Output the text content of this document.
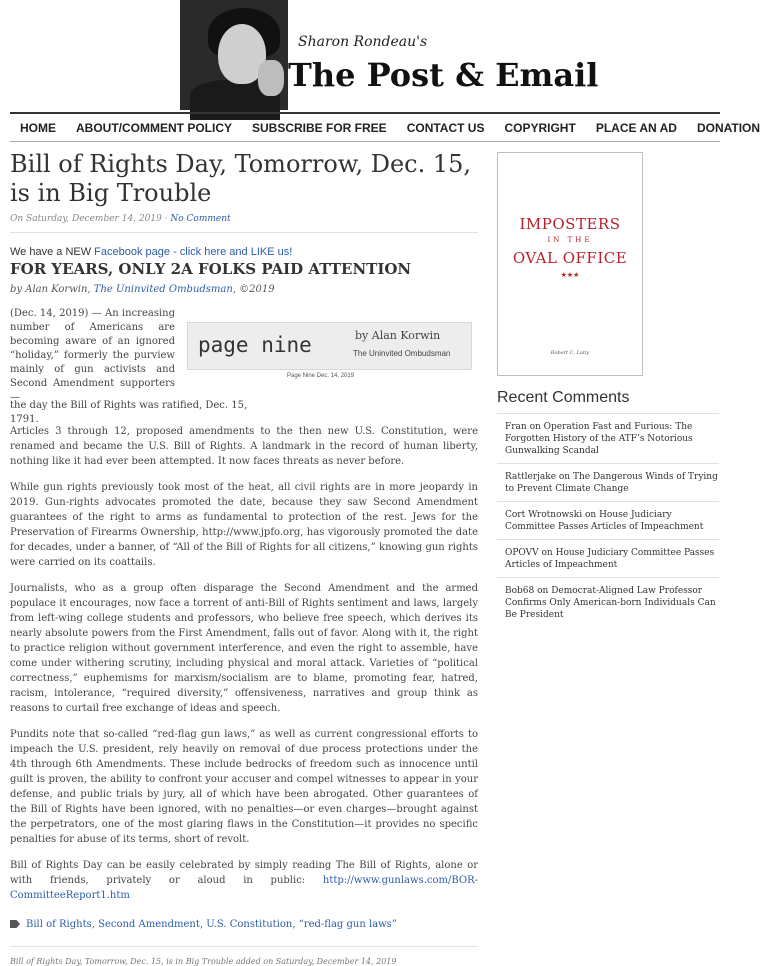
Sharon Rondeau's
The Post & Email
HOME	ABOUT/COMMENT POLICY	SUBSCRIBE FOR FREE	CONTACT US	COPYRIGHT	PLACE AN AD	DONATION
Bill of Rights Day, Tomorrow, Dec. 15, is in Big Trouble
On Saturday, December 14, 2019 · No Comment
We have a NEW Facebook page - click here and LIKE us!
FOR YEARS, ONLY 2A FOLKS PAID ATTENTION
by Alan Korwin, The Uninvited Ombudsman, ©2019
(Dec. 14, 2019) — An increasing number of Americans are becoming aware of an ignored “holiday,” formerly the purview mainly of gun activists and Second Amendment supporters—
the day the Bill of Rights was ratified, Dec. 15, 1791.
page nine	by Alan Korwin
The Uninvited Ombudsman
Page Nine Dec. 14, 2019

Articles 3 through 12, proposed amendments to the then new U.S. Constitution, were renamed and became the U.S. Bill of Rights. A landmark in the record of human liberty, nothing like it had ever been attempted. It now faces threats as never before.

While gun rights previously took most of the heat, all civil rights are in more jeopardy in 2019. Gun-rights advocates promoted the date, because they saw Second Amendment guarantees of the right to arms as fundamental to protection of the rest. Jews for the Preservation of Firearms Ownership, http://www.jpfo.org, has vigorously promoted the date for decades, under a banner, of “All of the Bill of Rights for all citizens,” knowing gun rights were carried on its coattails.

Journalists, who as a group often disparage the Second Amendment and the armed populace it encourages, now face a torrent of anti-Bill of Rights sentiment and laws, largely from left-wing college students and professors, who believe free speech, which derives its nearly absolute powers from the First Amendment, falls out of favor. Along with it, the right to practice religion without government interference, and even the right to assemble, have come under withering scrutiny, including physical and moral attack. Varieties of “political correctness,” euphemisms for marxism/socialism are to blame, promoting fear, hatred, racism, intolerance, “required diversity,” offensiveness, narratives and group think as reasons to curtail free exchange of ideas and speech.

Pundits note that so-called “red-flag gun laws,” as well as current congressional efforts to impeach the U.S. president, rely heavily on removal of due process protections under the 4th through 6th Amendments. These include bedrocks of freedom such as innocence until guilt is proven, the ability to confront your accuser and compel witnesses to appear in your defense, and public trials by jury, all of which have been abrogated. Other guarantees of the Bill of Rights have been ignored, with no penalties—or even charges—brought against the perpetrators, one of the most glaring flaws in the Constitution—it provides no specific penalties for abuse of its terms, short of revolt.

Bill of Rights Day can be easily celebrated by simply reading The Bill of Rights, alone or with friends, privately or aloud in public: http://www.gunlaws.com/BOR-CommitteeReport1.htm

Bill of Rights, Second Amendment, U.S. Constitution, “red-flag gun laws”
Bill of Rights Day, Tomorrow, Dec. 15, is in Big Trouble added on Saturday, December 14, 2019
IMPOSTERS
IN THE
OVAL OFFICE
★★★
Robert C. Laity
Recent Comments
Fran on Operation Fast and Furious: The Forgotten History of the ATF’s Notorious Gunwalking Scandal
Rattlerjake on The Dangerous Winds of Trying to Prevent Climate Change
Cort Wrotnowski on House Judiciary Committee Passes Articles of Impeachment
OPOVV on House Judiciary Committee Passes Articles of Impeachment
Bob68 on Democrat-Aligned Law Professor Confirms Only American-born Individuals Can Be President
